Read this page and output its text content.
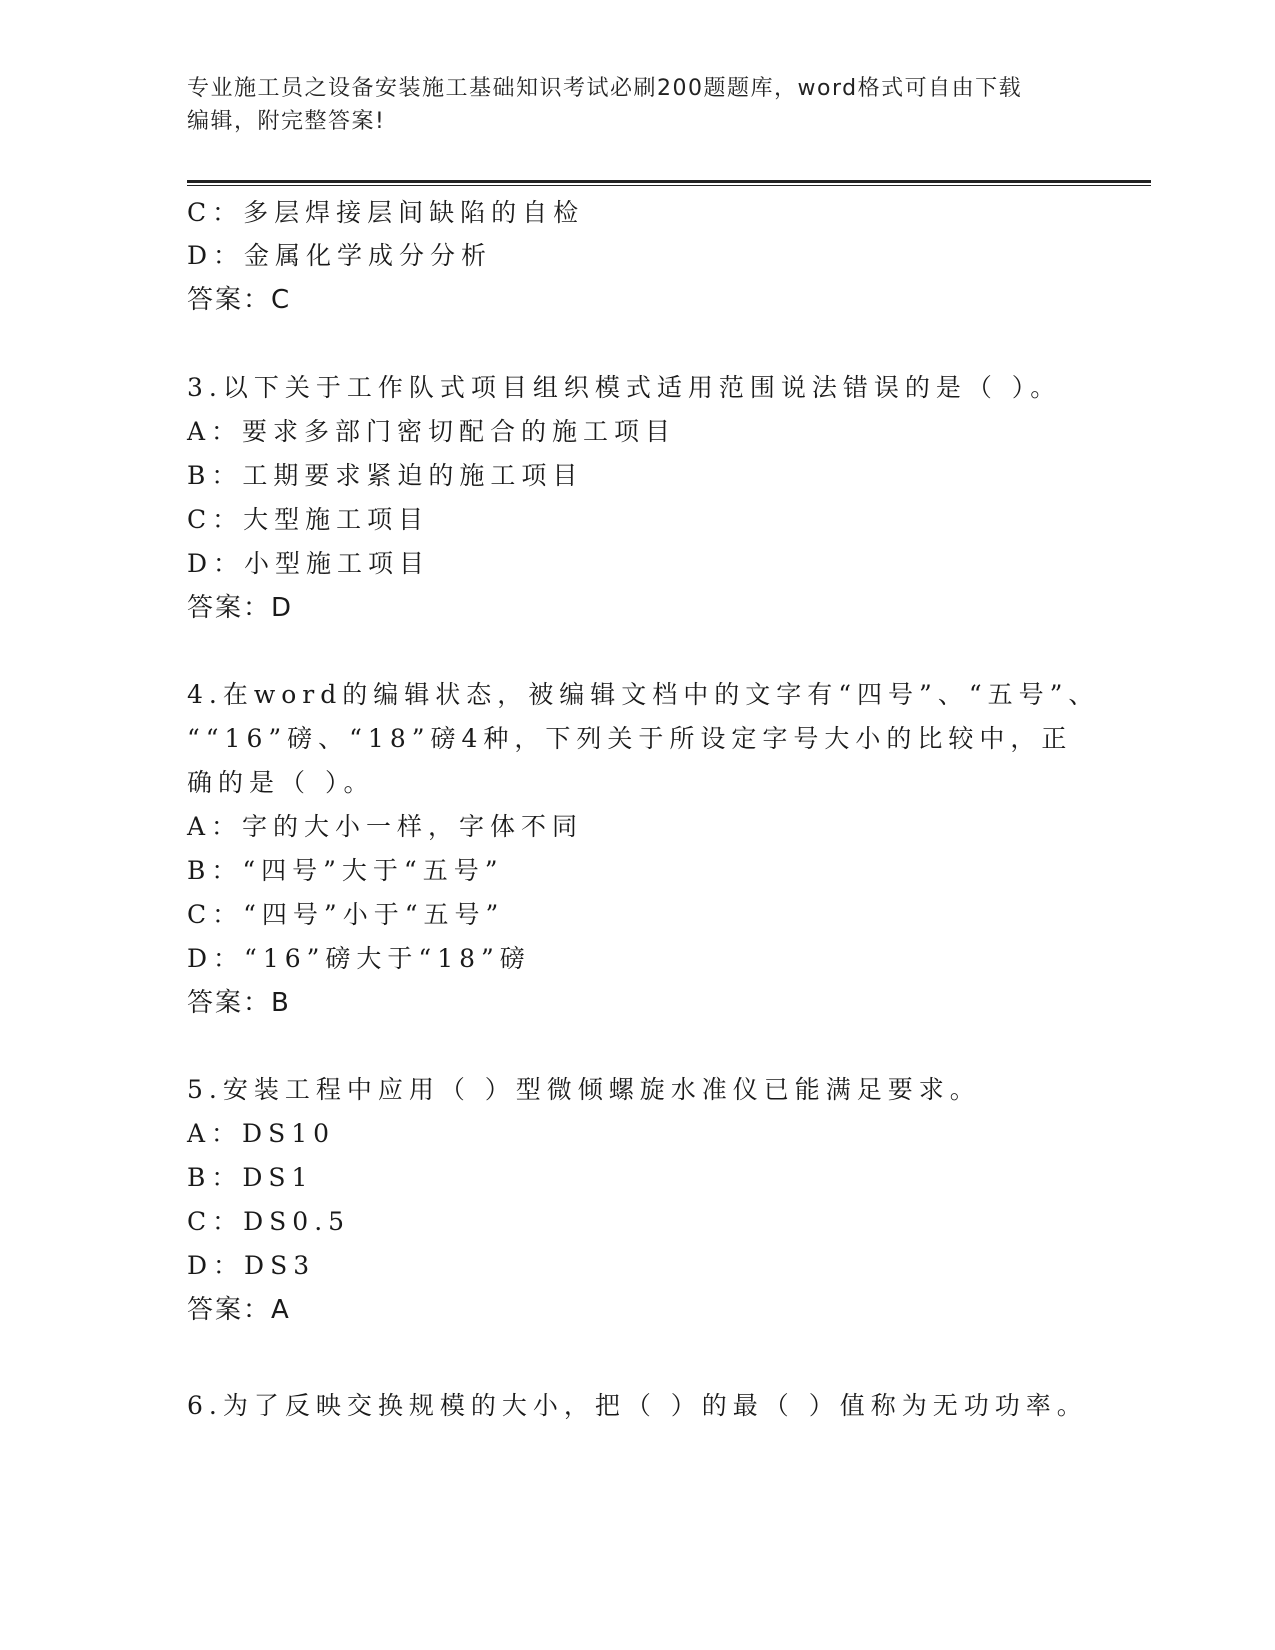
专业施工员之设备安装施工基础知识考试必刷200题题库，word格式可自由下载
编辑，附完整答案!
C：多层焊接层间缺陷的自检
D：金属化学成分分析
答案：C
3.以下关于工作队式项目组织模式适用范围说法错误的是（ ）。
A：要求多部门密切配合的施工项目
B：工期要求紧迫的施工项目
C：大型施工项目
D：小型施工项目
答案：D
4.在word的编辑状态，被编辑文档中的文字有“四号”、“五号”、
““16”磅、“18”磅4种，下列关于所设定字号大小的比较中，正
确的是（ ）。
A：字的大小一样，字体不同
B：“四号”大于“五号”
C：“四号”小于“五号”
D：“16”磅大于“18”磅
答案：B
5.安装工程中应用（ ）型微倾螺旋水准仪已能满足要求。
A：DS10
B：DS1
C：DS0.5
D：DS3
答案：A
6.为了反映交换规模的大小，把（ ）的最（ ）值称为无功功率。
